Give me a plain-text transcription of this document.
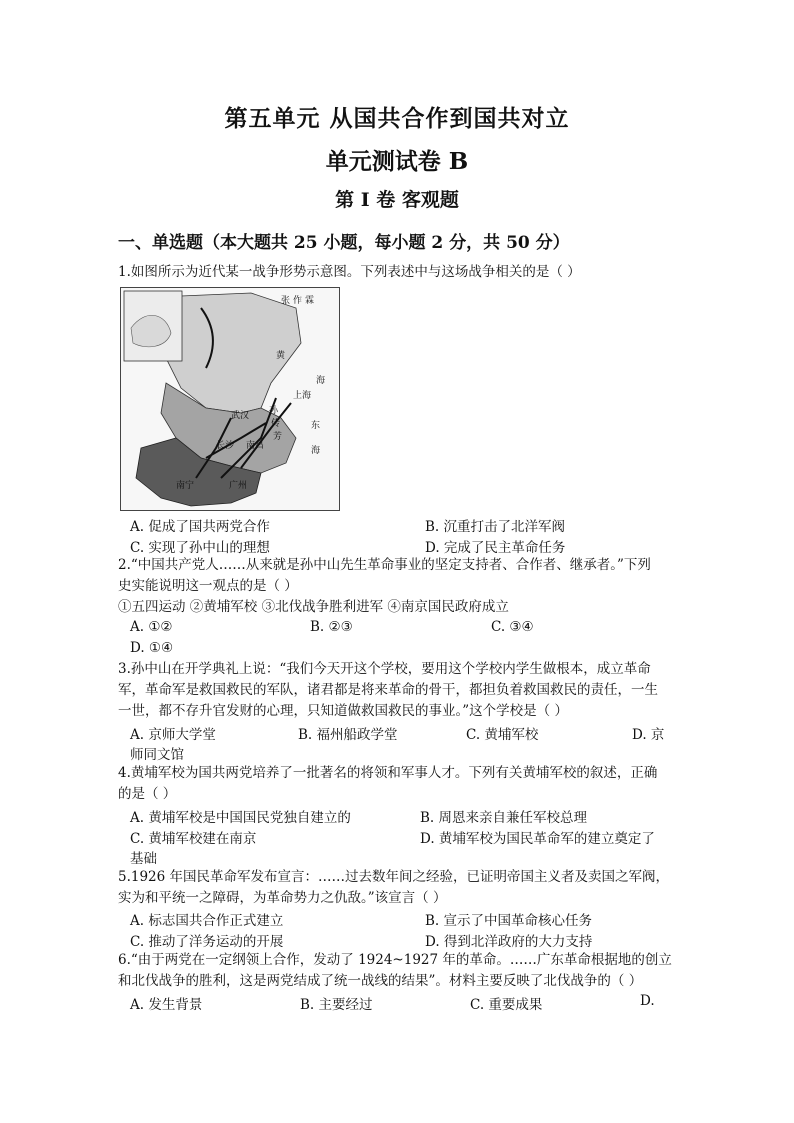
第五单元 从国共合作到国共对立
单元测试卷 B
第 I 卷 客观题
一、单选题（本大题共 25 小题，每小题 2 分，共 50 分）
1.如图所示为近代某一战争形势示意图。下列表述中与这场战争相关的是（ ）
张 作 霖
黄
海
孙
传
芳
上海
东
海
长沙 南昌
武汉
广州
南宁
A. 促成了国共两党合作	B. 沉重打击了北洋军阀
C. 实现了孙中山的理想	D. 完成了民主革命任务
2.“中国共产党人……从来就是孙中山先生革命事业的坚定支持者、合作者、继承者。”下列
史实能说明这一观点的是（ ）
①五四运动 ②黄埔军校 ③北伐战争胜利进军 ④南京国民政府成立
A. ①②	B. ②③	C. ③④
D. ①④
3.孙中山在开学典礼上说：“我们今天开这个学校，要用这个学校内学生做根本，成立革命
军，革命军是救国救民的军队，诸君都是将来革命的骨干，都担负着救国救民的责任，一生
一世，都不存升官发财的心理，只知道做救国救民的事业。”这个学校是（ ）
A. 京师大学堂	B. 福州船政学堂	C. 黄埔军校	D. 京
师同文馆
4.黄埔军校为国共两党培养了一批著名的将领和军事人才。下列有关黄埔军校的叙述，正确
的是（ ）
A. 黄埔军校是中国国民党独自建立的	B. 周恩来亲自兼任军校总理
C. 黄埔军校建在南京	D. 黄埔军校为国民革命军的建立奠定了
基础
5.1926 年国民革命军发布宣言：……过去数年间之经验，已证明帝国主义者及卖国之军阀，
实为和平统一之障碍，为革命势力之仇敌。”该宣言（ ）
A. 标志国共合作正式建立	B. 宣示了中国革命核心任务
C. 推动了洋务运动的开展	D. 得到北洋政府的大力支持
6.“由于两党在一定纲领上合作，发动了 1924~1927 年的革命。……广东革命根据地的创立
和北伐战争的胜利，这是两党结成了统一战线的结果”。材料主要反映了北伐战争的（ ）
A. 发生背景	B. 主要经过	C. 重要成果	D.
